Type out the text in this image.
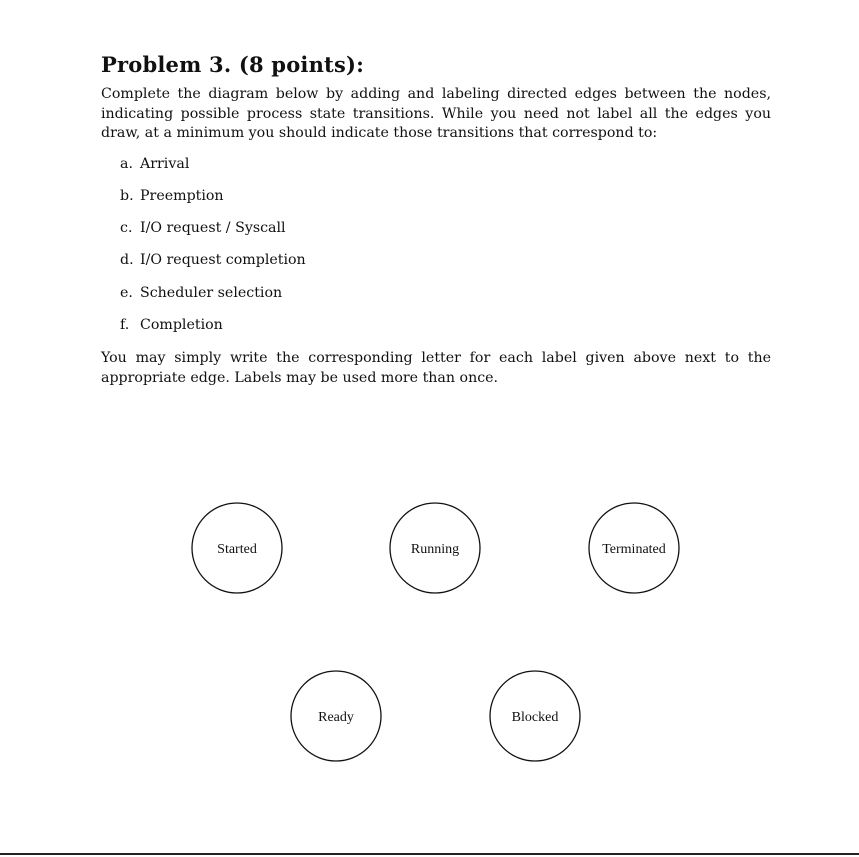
Problem 3. (8 points):

Complete the diagram below by adding and labeling directed edges between the nodes, indicating possible process state transitions. While you need not label all the edges you draw, at a minimum you should indicate those transitions that correspond to:

a. Arrival
b. Preemption
c. I/O request / Syscall
d. I/O request completion
e. Scheduler selection
f. Completion

You may simply write the corresponding letter for each label given above next to the appropriate edge. Labels may be used more than once.

Started	Running	Terminated
Ready	Blocked
